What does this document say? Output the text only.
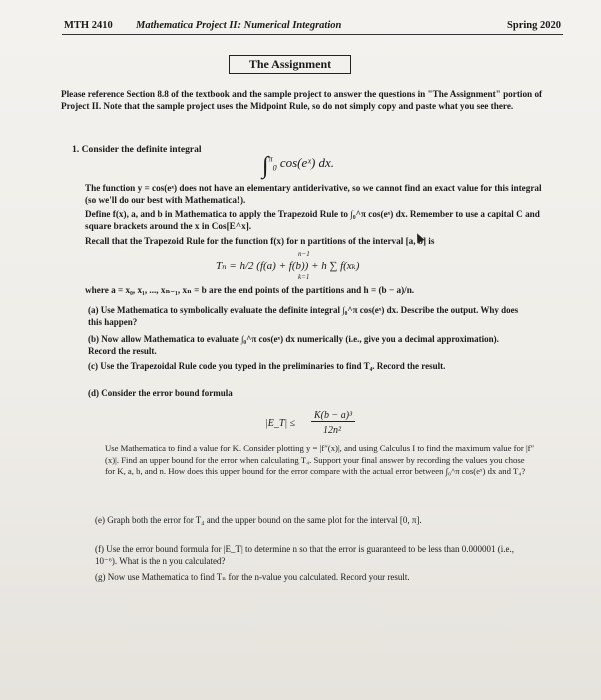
MTH 2410 Mathematica Project II: Numerical Integration	Spring 2020
The Assignment
Please reference Section 8.8 of the textbook and the sample project to answer the questions in "The Assignment" portion of Project II. Note that the sample project uses the Midpoint Rule, so do not simply copy and paste what you see there.
1. Consider the definite integral
∫$^\pi_0$ cos(eˣ) dx.
The function y = cos(eˣ) does not have an elementary antiderivative, so we cannot find an exact value for this integral (so we'll do our best with Mathematica!).
Define f(x), a, and b in Mathematica to apply the Trapezoid Rule to ∫₀^π cos(eˣ) dx. Remember to use a capital C and square brackets around the x in Cos[E^x].
Recall that the Trapezoid Rule for the function f(x) for n partitions of the interval [a, b] is
n−1
Tₙ = h/2 (f(a) + f(b)) + h ∑ f(xₖ)
k=1
where a = x₀, x₁, ..., xₙ₋₁, xₙ = b are the end points of the partitions and h = (b − a)/n.
(a) Use Mathematica to symbolically evaluate the definite integral ∫₀^π cos(eˣ) dx. Describe the output. Why does this happen?
(b) Now allow Mathematica to evaluate ∫₀^π cos(eˣ) dx numerically (i.e., give you a decimal approximation). Record the result.
(c) Use the Trapezoidal Rule code you typed in the preliminaries to find T₄. Record the result.
(d) Consider the error bound formula
|E_T| ≤
K(b − a)³
12n²
Use Mathematica to find a value for K. Consider plotting y = |f″(x)|, and using Calculus I to find the maximum value for |f″(x)|. Find an upper bound for the error when calculating T₄. Support your final answer by recording the values you chose for K, a, b, and n. How does this upper bound for the error compare with the actual error between ∫₀^π cos(eˣ) dx and T₄?
(e) Graph both the error for T₄ and the upper bound on the same plot for the interval [0, π].
(f) Use the error bound formula for |E_T| to determine n so that the error is guaranteed to be less than 0.000001 (i.e., 10⁻⁶). What is the n you calculated?
(g) Now use Mathematica to find Tₙ for the n-value you calculated. Record your result.
